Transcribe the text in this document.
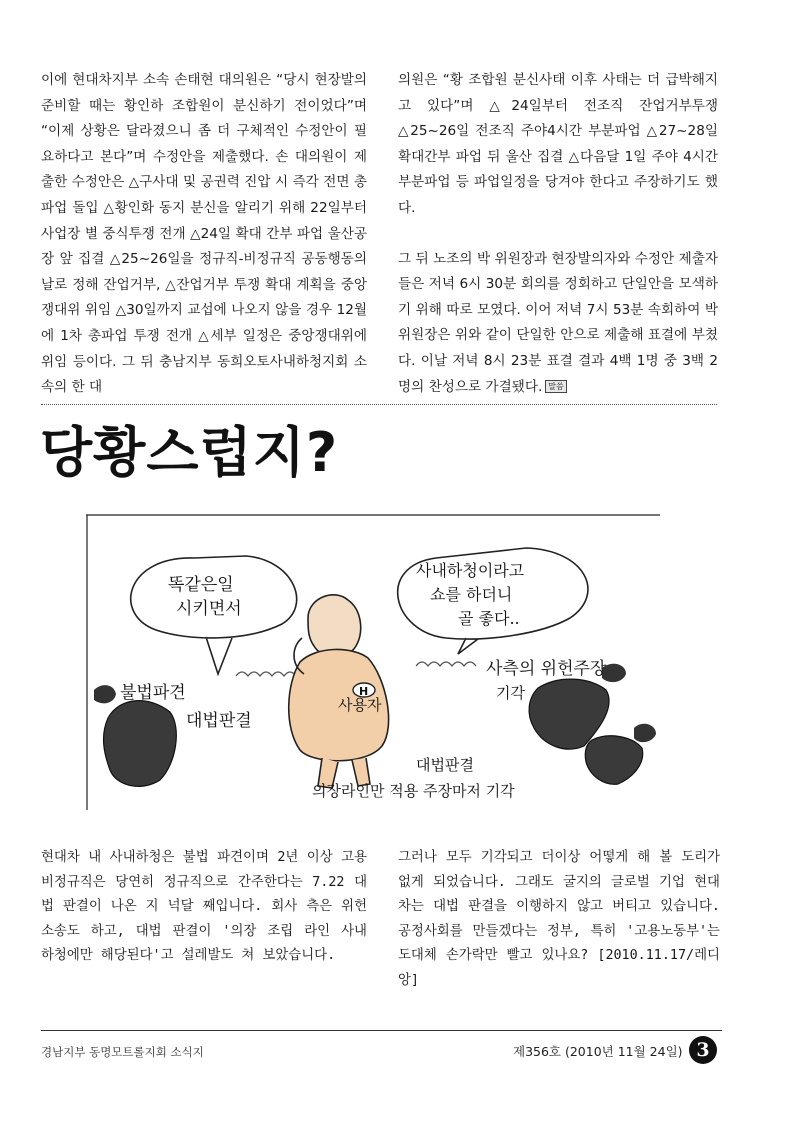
이에 현대차지부 소속 손태현 대의원은 “당시 현장발의 준비할 때는 황인하 조합원이 분신하기 전이었다”며 “이제 상황은 달라졌으니 좀 더 구체적인 수정안이 필요하다고 본다”며 수정안을 제출했다. 손 대의원이 제출한 수정안은 △구사대 및 공권력 진압 시 즉각 전면 총파업 돌입 △황인화 동지 분신을 알리기 위해 22일부터 사업장 별 중식투쟁 전개 △24일 확대 간부 파업 울산공장 앞 집결 △25~26일을 정규직-비정규직 공동행동의 날로 정해 잔업거부, △잔업거부 투쟁 확대 계획을 중앙쟁대위 위임 △30일까지 교섭에 나오지 않을 경우 12월에 1차 총파업 투쟁 전개 △세부 일정은 중앙쟁대위에 위임 등이다. 그 뒤 충남지부 동희오토사내하청지회 소속의 한 대

의원은 “황 조합원 분신사태 이후 사태는 더 급박해지고 있다”며 △24일부터 전조직 잔업거부투쟁 △25~26일 전조직 주야4시간 부분파업 △27~28일 확대간부 파업 뒤 울산 집결 △다음달 1일 주야 4시간 부분파업 등 파업일정을 당겨야 한다고 주장하기도 했다.

그 뒤 노조의 박 위원장과 현장발의자와 수정안 제출자들은 저녁 6시 30분 회의를 정회하고 단일안을 모색하기 위해 따로 모였다. 이어 저녁 7시 53분 속회하여 박 위원장은 위와 같이 단일한 안으로 제출해 표결에 부쳤다. 이날 저녁 8시 23분 표결 결과 4백 1명 중 3백 2명의 찬성으로 가결됐다. 말씀

당황스럽지?
똑같은일
시키면서
사내하청이라고
쇼를 하더니
골 좋다..
H
사용자
불법파견
대법판결
사측의 위헌주장
기각
대법판결
의장라인만 적용 주장마저 기각

현대차 내 사내하청은 불법 파견이며 2년 이상 고용 비정규직은 당연히 정규직으로 간주한다는 7.22 대법 판결이 나온 지 넉달 째입니다. 회사 측은 위헌 소송도 하고, 대법 판결이 '의장 조립 라인 사내 하청에만 해당된다'고 설레발도 쳐 보았습니다.

그러나 모두 기각되고 더이상 어떻게 해 볼 도리가 없게 되었습니다. 그래도 굴지의 글로벌 기업 현대차는 대법 판결을 이행하지 않고 버티고 있습니다. 공정사회를 만들겠다는 정부, 특히 '고용노동부'는 도대체 손가락만 빨고 있나요? [2010.11.17/레디앙]

경남지부 동명모트롤지회 소식지	제356호 (2010년 11월 24일) 3
